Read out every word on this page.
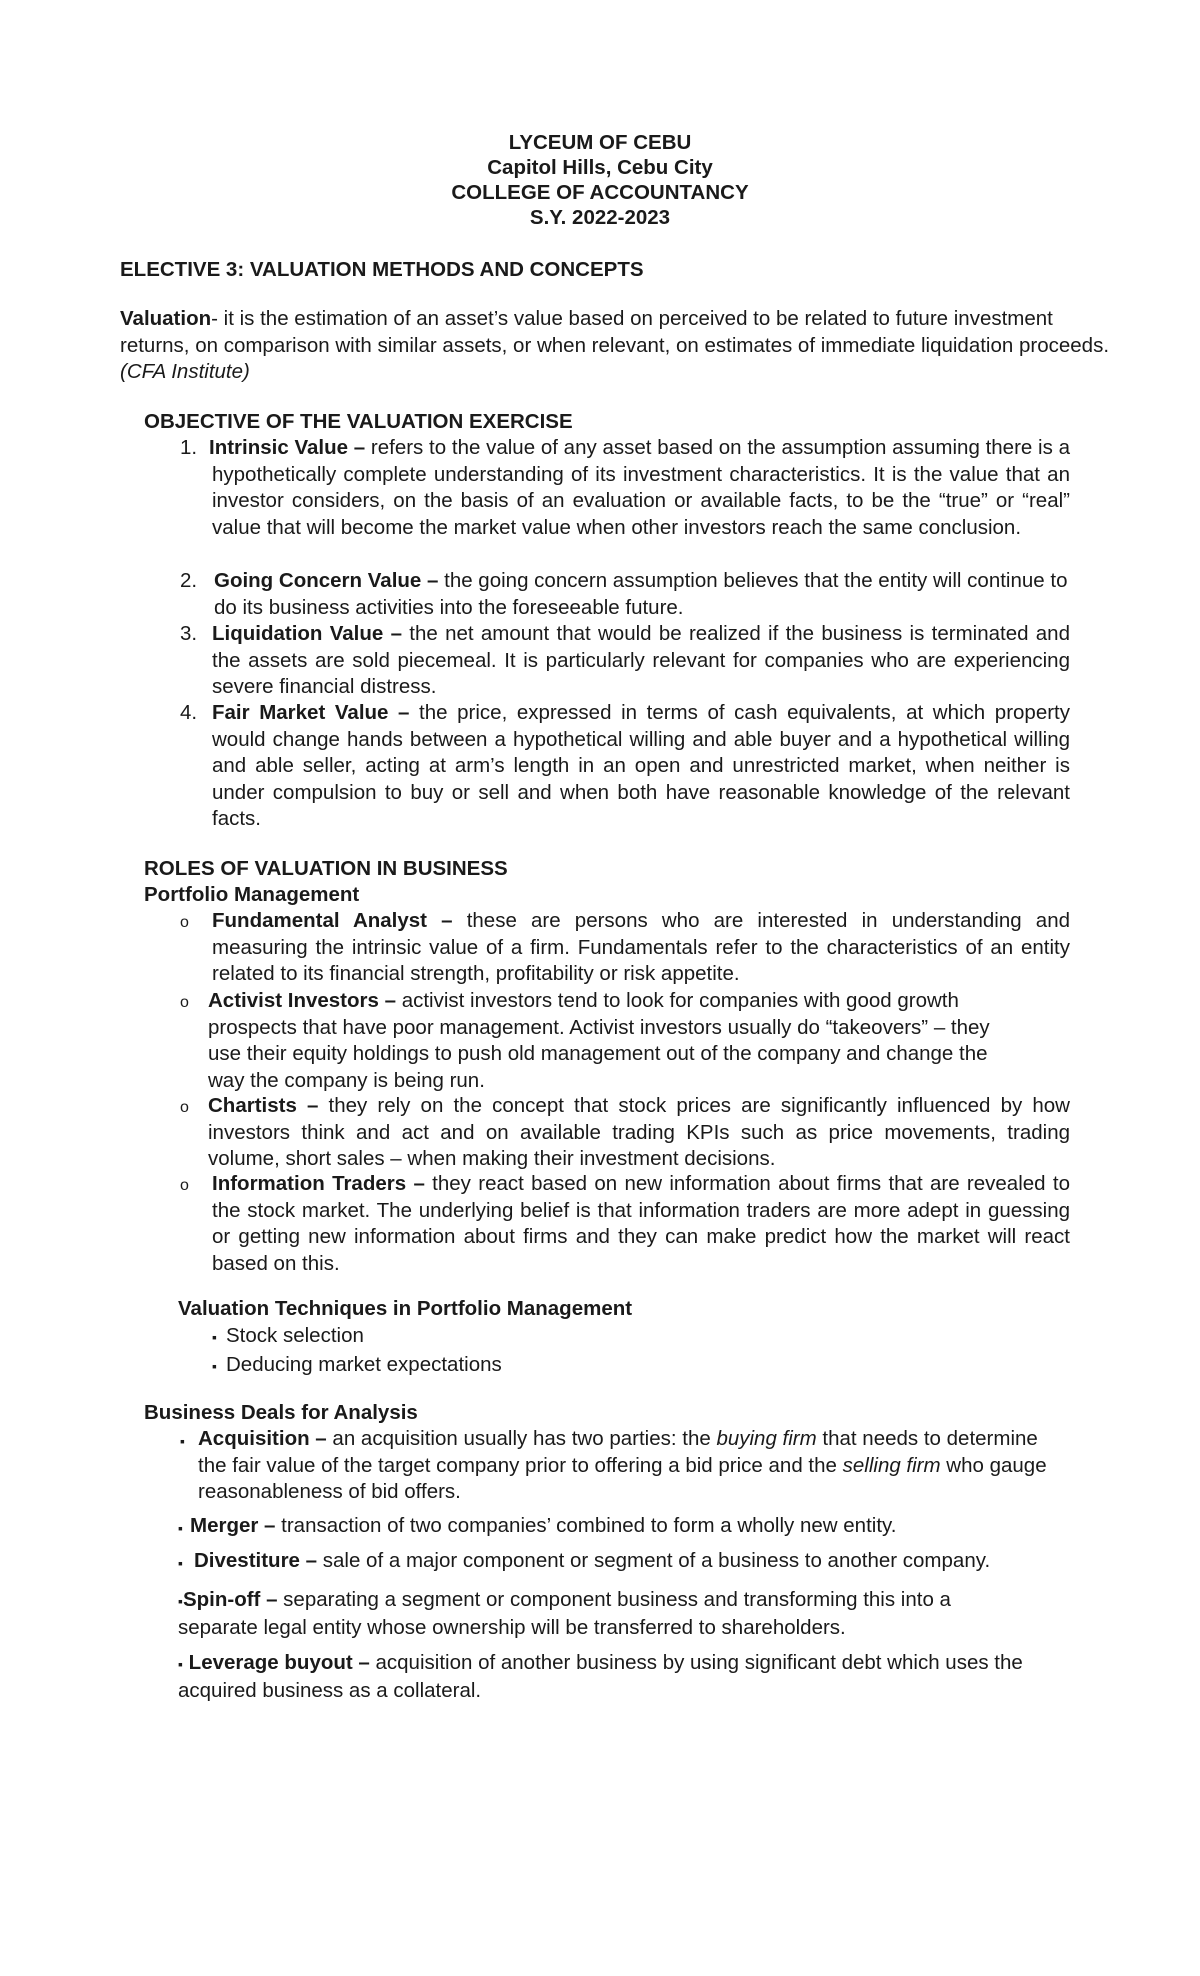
LYCEUM OF CEBU
Capitol Hills, Cebu City
COLLEGE OF ACCOUNTANCY
S.Y. 2022-2023
ELECTIVE 3: VALUATION METHODS AND CONCEPTS

Valuation- it is the estimation of an asset’s value based on perceived to be related to future investment returns, on comparison with similar assets, or when relevant, on estimates of immediate liquidation proceeds. (CFA Institute)

OBJECTIVE OF THE VALUATION EXERCISE
1. Intrinsic Value – refers to the value of any asset based on the assumption assuming there is a hypothetically complete understanding of its investment characteristics. It is the value that an investor considers, on the basis of an evaluation or available facts, to be the “true” or “real” value that will become the market value when other investors reach the same conclusion.

2. Going Concern Value – the going concern assumption believes that the entity will continue to do its business activities into the foreseeable future.

3. Liquidation Value – the net amount that would be realized if the business is terminated and the assets are sold piecemeal. It is particularly relevant for companies who are experiencing severe financial distress.

4. Fair Market Value – the price, expressed in terms of cash equivalents, at which property would change hands between a hypothetical willing and able buyer and a hypothetical willing and able seller, acting at arm’s length in an open and unrestricted market, when neither is under compulsion to buy or sell and when both have reasonable knowledge of the relevant facts.

ROLES OF VALUATION IN BUSINESS
Portfolio Management
o Fundamental Analyst – these are persons who are interested in understanding and measuring the intrinsic value of a firm. Fundamentals refer to the characteristics of an entity related to its financial strength, profitability or risk appetite.

o Activist Investors – activist investors tend to look for companies with good growth prospects that have poor management. Activist investors usually do “takeovers” – they use their equity holdings to push old management out of the company and change the way the company is being run.

o Chartists – they rely on the concept that stock prices are significantly influenced by how investors think and act and on available trading KPIs such as price movements, trading volume, short sales – when making their investment decisions.

o Information Traders – they react based on new information about firms that are revealed to the stock market. The underlying belief is that information traders are more adept in guessing or getting new information about firms and they can make predict how the market will react based on this.

Valuation Techniques in Portfolio Management
▪ Stock selection
▪ Deducing market expectations
Business Deals for Analysis
▪ Acquisition – an acquisition usually has two parties: the buying firm that needs to determine the fair value of the target company prior to offering a bid price and the selling firm who gauge reasonableness of bid offers.

▪ Merger – transaction of two companies’ combined to form a wholly new entity.

▪ Divestiture – sale of a major component or segment of a business to another company.

▪Spin-off – separating a segment or component business and transforming this into a separate legal entity whose ownership will be transferred to shareholders.

▪ Leverage buyout – acquisition of another business by using significant debt which uses the acquired business as a collateral.
